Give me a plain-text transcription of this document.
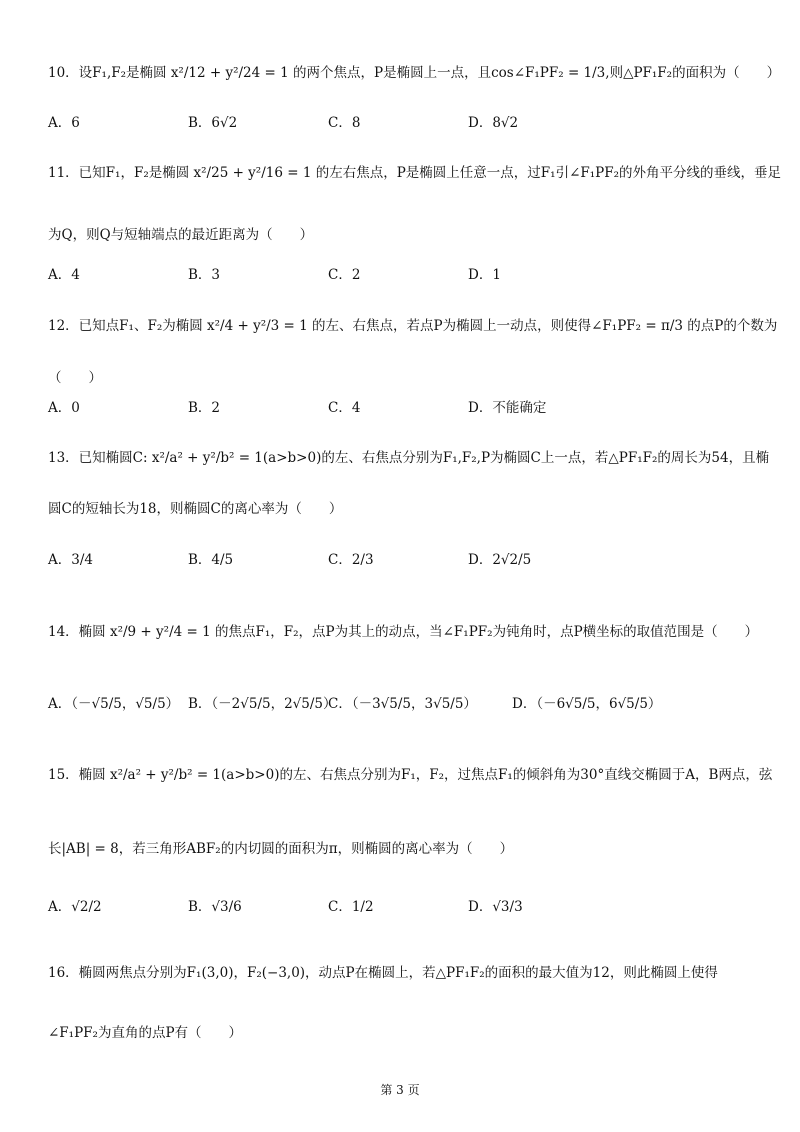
10．设F₁,F₂是椭圆 x²/12 + y²/24 = 1 的两个焦点，P是椭圆上一点，且cos∠F₁PF₂ = 1/3,则△PF₁F₂的面积为（　　）
A．6	B．6√2	C．8	D．8√2
11．已知F₁，F₂是椭圆 x²/25 + y²/16 = 1 的左右焦点，P是椭圆上任意一点，过F₁引∠F₁PF₂的外角平分线的垂线，垂足
为Q，则Q与短轴端点的最近距离为（　　）
A．4	B．3	C．2	D．1
12．已知点F₁、F₂为椭圆 x²/4 + y²/3 = 1 的左、右焦点，若点P为椭圆上一动点，则使得∠F₁PF₂ = π/3 的点P的个数为
（　　）
A．0	B．2	C．4	D．不能确定
13．已知椭圆C: x²/a² + y²/b² = 1(a>b>0)的左、右焦点分别为F₁,F₂,P为椭圆C上一点，若△PF₁F₂的周长为54，且椭
圆C的短轴长为18，则椭圆C的离心率为（　　）
A．3/4	B．4/5	C．2/3	D．2√2/5
14．椭圆 x²/9 + y²/4 = 1 的焦点F₁，F₂，点P为其上的动点，当∠F₁PF₂为钝角时，点P横坐标的取值范围是（　　）
A．（－√5/5，√5/5） B．（－2√5/5，2√5/5）
C．（－3√5/5，3√5/5）	D．（－6√5/5，6√5/5）
15．椭圆 x²/a² + y²/b² = 1(a>b>0)的左、右焦点分别为F₁，F₂，过焦点F₁的倾斜角为30°直线交椭圆于A，B两点，弦
长|AB| = 8，若三角形ABF₂的内切圆的面积为π，则椭圆的离心率为（　　）
A．√2/2	B．√3/6	C．1/2	D．√3/3
16．椭圆两焦点分别为F₁(3,0)，F₂(−3,0)，动点P在椭圆上，若△PF₁F₂的面积的最大值为12，则此椭圆上使得
∠F₁PF₂为直角的点P有（　　）
第 3 页
